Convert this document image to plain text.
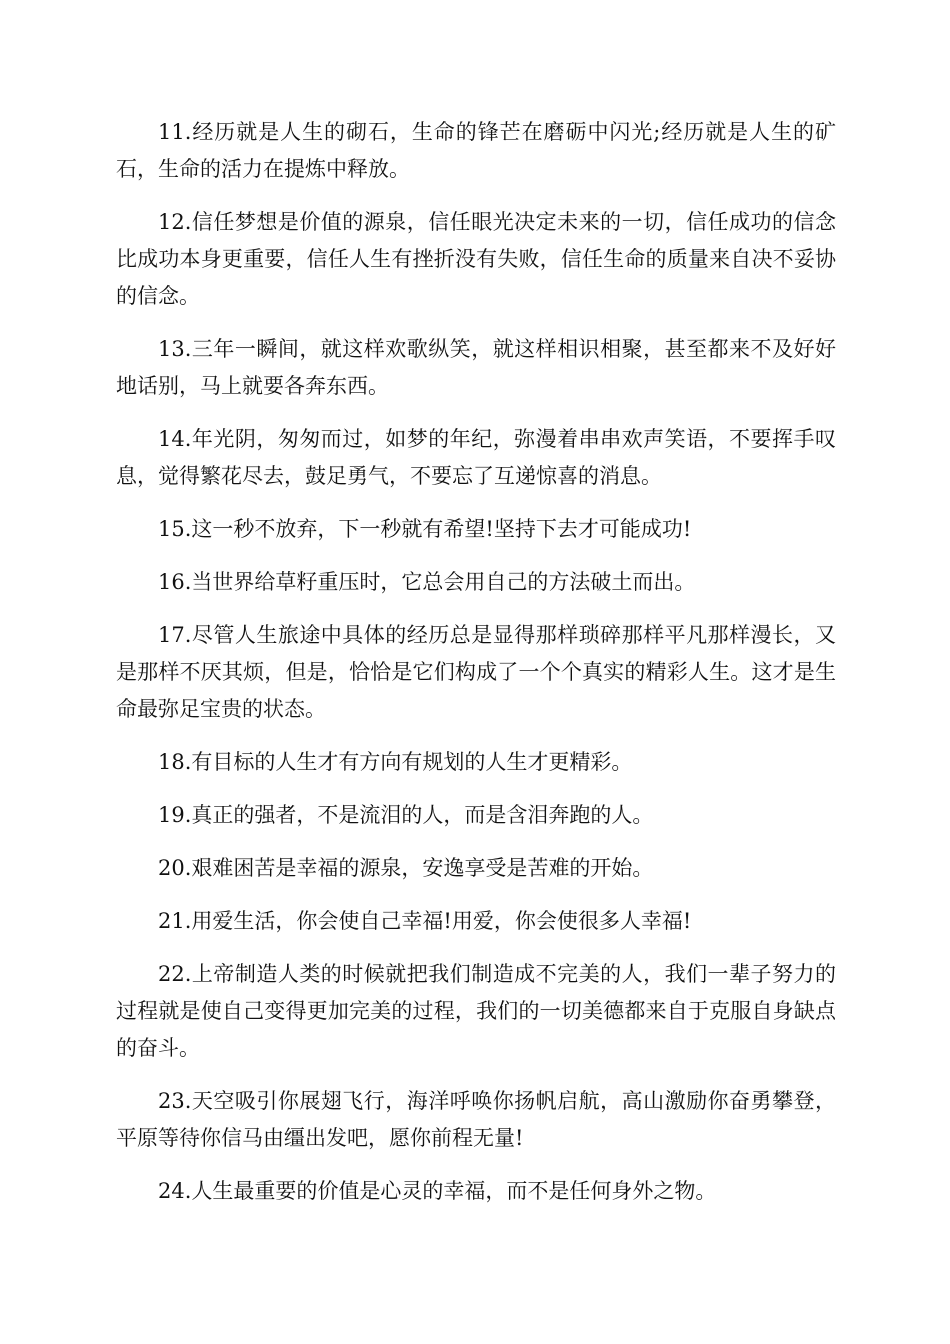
11.经历就是人生的砌石，生命的锋芒在磨砺中闪光;经历就是人生的矿石，生命的活力在提炼中释放。

12.信任梦想是价值的源泉，信任眼光决定未来的一切，信任成功的信念比成功本身更重要，信任人生有挫折没有失败，信任生命的质量来自决不妥协的信念。

13.三年一瞬间，就这样欢歌纵笑，就这样相识相聚，甚至都来不及好好地话别，马上就要各奔东西。

14.年光阴，匆匆而过，如梦的年纪，弥漫着串串欢声笑语，不要挥手叹息，觉得繁花尽去，鼓足勇气，不要忘了互递惊喜的消息。

15.这一秒不放弃，下一秒就有希望!坚持下去才可能成功!

16.当世界给草籽重压时，它总会用自己的方法破土而出。

17.尽管人生旅途中具体的经历总是显得那样琐碎那样平凡那样漫长，又是那样不厌其烦，但是，恰恰是它们构成了一个个真实的精彩人生。这才是生命最弥足宝贵的状态。

18.有目标的人生才有方向有规划的人生才更精彩。

19.真正的强者，不是流泪的人，而是含泪奔跑的人。

20.艰难困苦是幸福的源泉，安逸享受是苦难的开始。

21.用爱生活，你会使自己幸福!用爱，你会使很多人幸福!

22.上帝制造人类的时候就把我们制造成不完美的人，我们一辈子努力的过程就是使自己变得更加完美的过程，我们的一切美德都来自于克服自身缺点的奋斗。

23.天空吸引你展翅飞行，海洋呼唤你扬帆启航，高山激励你奋勇攀登，平原等待你信马由缰出发吧，愿你前程无量!

24.人生最重要的价值是心灵的幸福，而不是任何身外之物。
